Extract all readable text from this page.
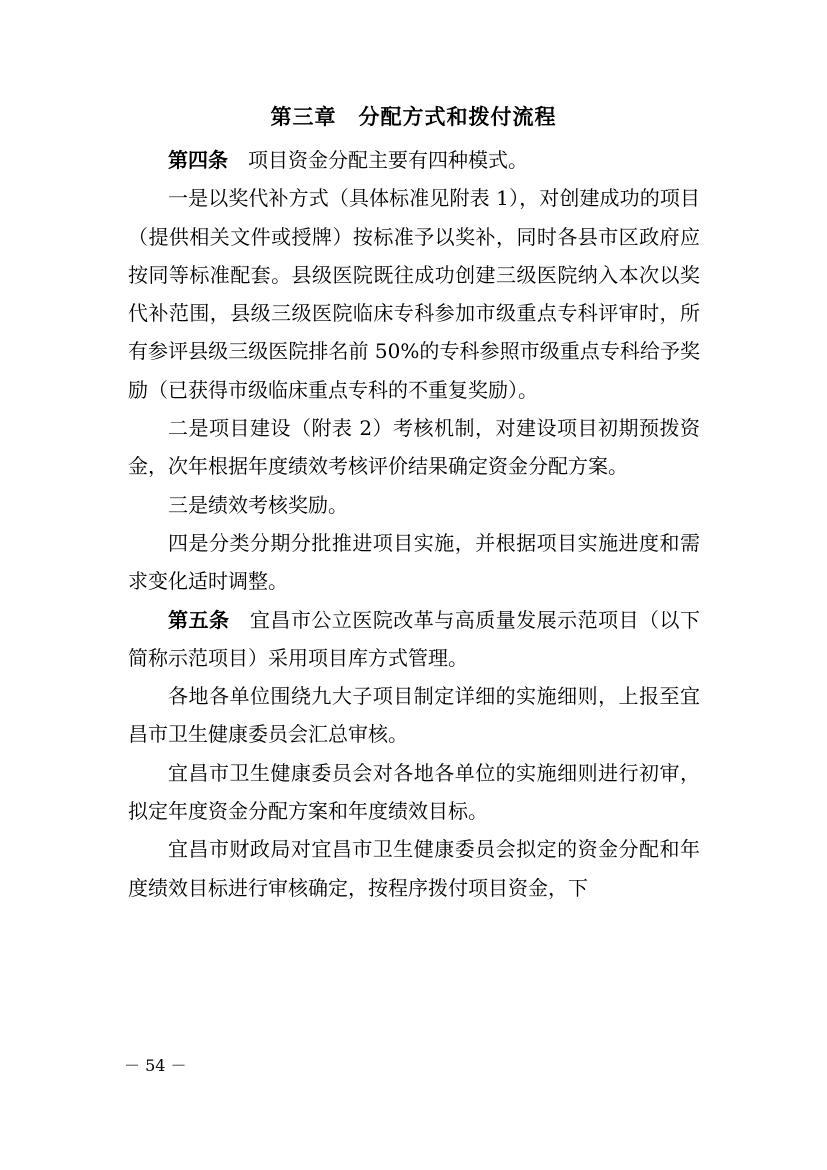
第三章　分配方式和拨付流程

第四条 项目资金分配主要有四种模式。

一是以奖代补方式（具体标准见附表 1），对创建成功的项目（提供相关文件或授牌）按标准予以奖补，同时各县市区政府应按同等标准配套。县级医院既往成功创建三级医院纳入本次以奖代补范围，县级三级医院临床专科参加市级重点专科评审时，所有参评县级三级医院排名前 50%的专科参照市级重点专科给予奖励（已获得市级临床重点专科的不重复奖励）。

二是项目建设（附表 2）考核机制，对建设项目初期预拨资金，次年根据年度绩效考核评价结果确定资金分配方案。

三是绩效考核奖励。

四是分类分期分批推进项目实施，并根据项目实施进度和需求变化适时调整。

第五条 宜昌市公立医院改革与高质量发展示范项目（以下简称示范项目）采用项目库方式管理。

各地各单位围绕九大子项目制定详细的实施细则，上报至宜昌市卫生健康委员会汇总审核。

宜昌市卫生健康委员会对各地各单位的实施细则进行初审，拟定年度资金分配方案和年度绩效目标。

宜昌市财政局对宜昌市卫生健康委员会拟定的资金分配和年度绩效目标进行审核确定，按程序拨付项目资金，下

－ 54 －
